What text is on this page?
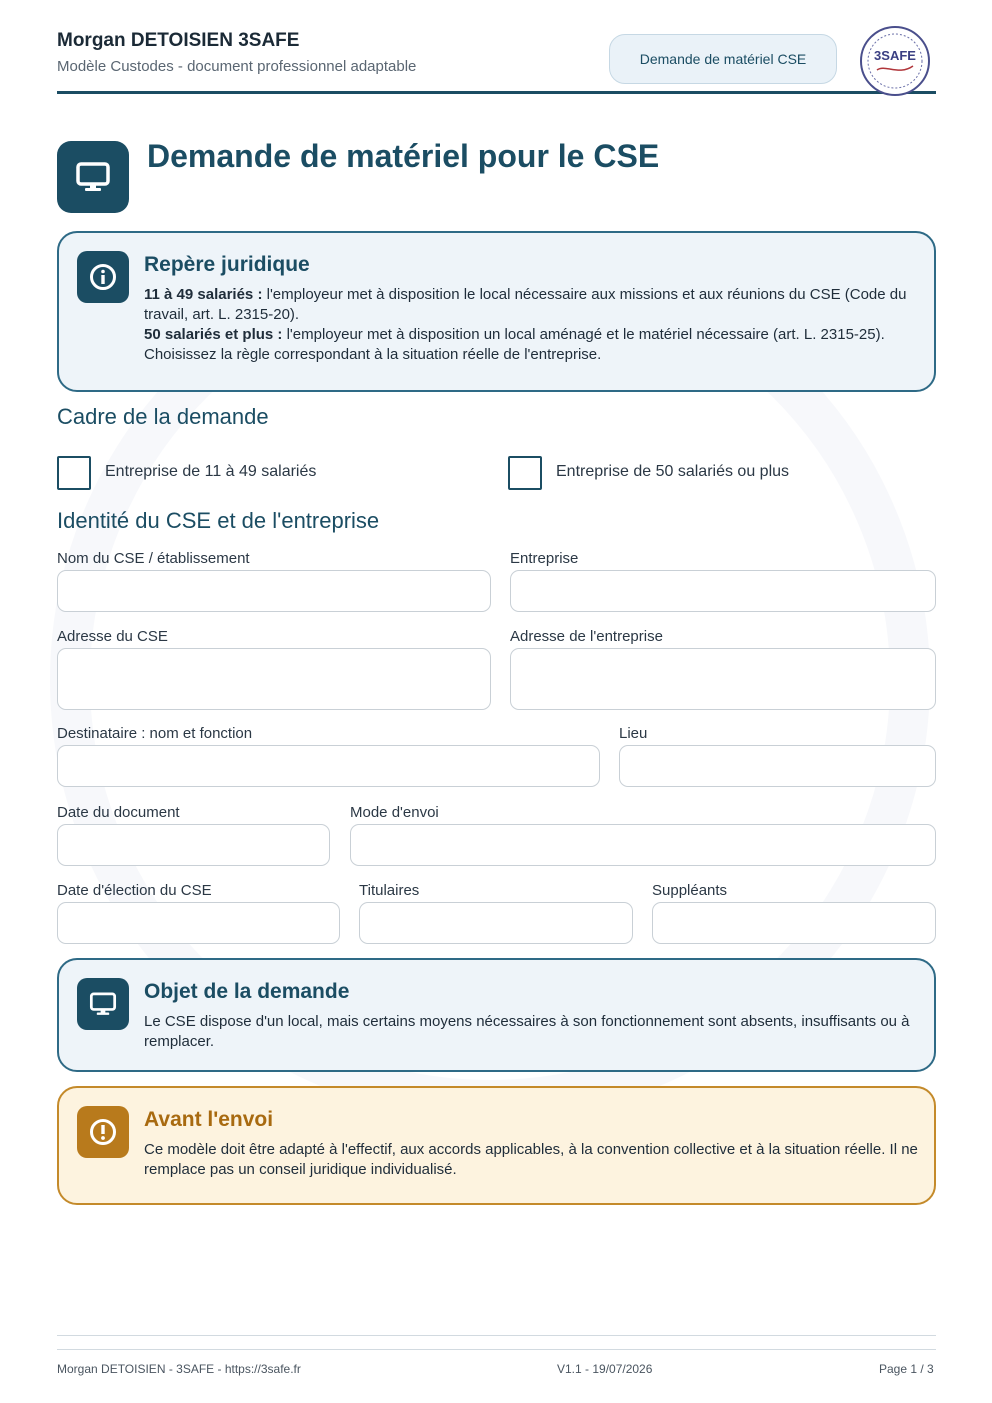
Morgan DETOISIEN 3SAFE
Modèle Custodes - document professionnel adaptable	Demande de matériel CSE	3SAFE
Demande de matériel pour le CSE
Repère juridique
11 à 49 salariés : l'employeur met à disposition le local nécessaire aux missions et aux réunions du CSE (Code du travail, art. L. 2315-20).
50 salariés et plus : l'employeur met à disposition un local aménagé et le matériel nécessaire (art. L. 2315-25).
Choisissez la règle correspondant à la situation réelle de l'entreprise.
Cadre de la demande
Entreprise de 11 à 49 salariés	Entreprise de 50 salariés ou plus
Identité du CSE et de l'entreprise
Nom du CSE / établissement	Entreprise
Adresse du CSE	Adresse de l'entreprise
Destinataire : nom et fonction	Lieu
Date du document	Mode d'envoi
Date d'élection du CSE	Titulaires	Suppléants
Objet de la demande
Le CSE dispose d'un local, mais certains moyens nécessaires à son fonctionnement sont absents, insuffisants ou à remplacer.
Avant l'envoi
Ce modèle doit être adapté à l'effectif, aux accords applicables, à la convention collective et à la situation réelle. Il ne remplace pas un conseil juridique individualisé.
Morgan DETOISIEN - 3SAFE - https://3safe.fr	V1.1 - 19/07/2026	Page 1 / 3
